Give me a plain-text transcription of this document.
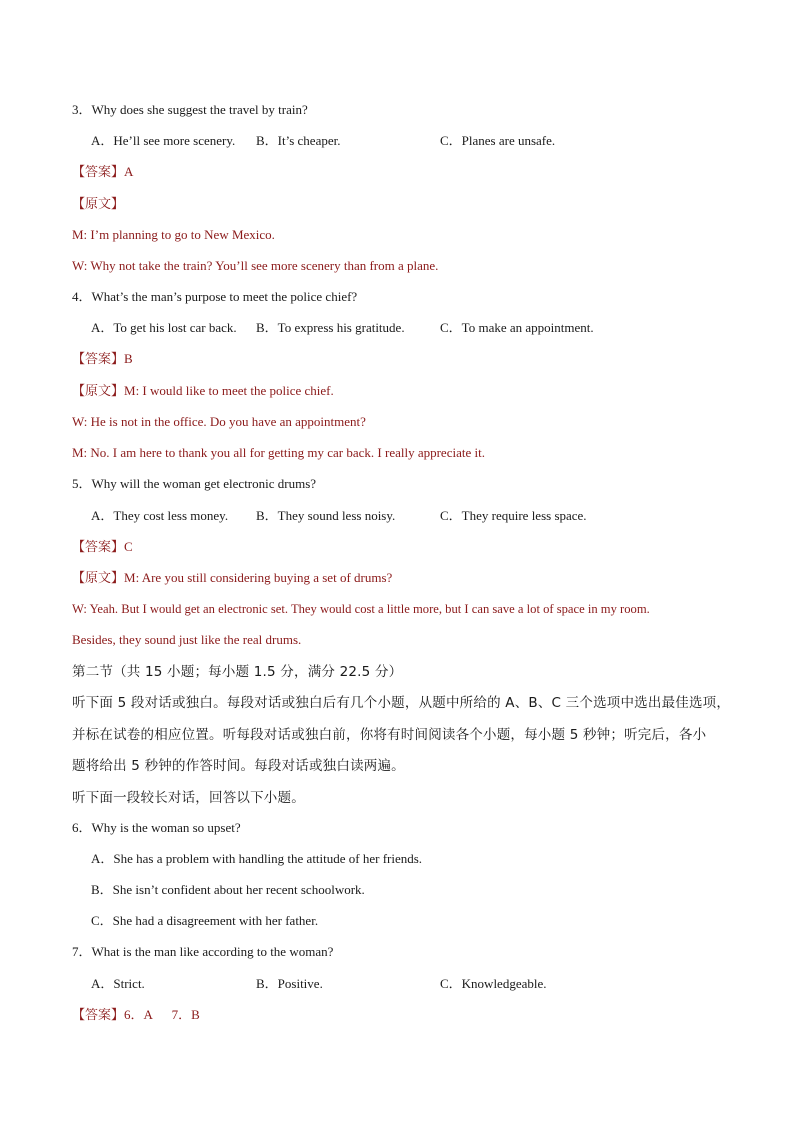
3．Why does she suggest the travel by train?
A．He’ll see more scenery. B．It’s cheaper.	C．Planes are unsafe.
【答案】A
【原文】
M: I’m planning to go to New Mexico.
W: Why not take the train? You’ll see more scenery than from a plane.
4．What’s the man’s purpose to meet the police chief?
A．To get his lost car back. B．To express his gratitude.	C．To make an appointment.
【答案】B
【原文】M: I would like to meet the police chief.
W: He is not in the office. Do you have an appointment?
M: No. I am here to thank you all for getting my car back. I really appreciate it.
5．Why will the woman get electronic drums?
A．They cost less money. B．They sound less noisy.	C．They require less space.
【答案】C
【原文】M: Are you still considering buying a set of drums?
W: Yeah. But I would get an electronic set. They would cost a little more, but I can save a lot of space in my room.
Besides, they sound just like the real drums.
第二节（共 15 小题；每小题 1.5 分，满分 22.5 分）
听下面 5 段对话或独白。每段对话或独白后有几个小题，从题中所给的 A、B、C 三个选项中选出最佳选项，
并标在试卷的相应位置。听每段对话或独白前，你将有时间阅读各个小题，每小题 5 秒钟；听完后，各小
题将给出 5 秒钟的作答时间。每段对话或独白读两遍。
听下面一段较长对话，回答以下小题。
6．Why is the woman so upset?
A．She has a problem with handling the attitude of her friends.
B．She isn’t confident about her recent schoolwork.
C．She had a disagreement with her father.
7．What is the man like according to the woman?
A．Strict.	B．Positive.	C．Knowledgeable.
【答案】6．A      7．B
